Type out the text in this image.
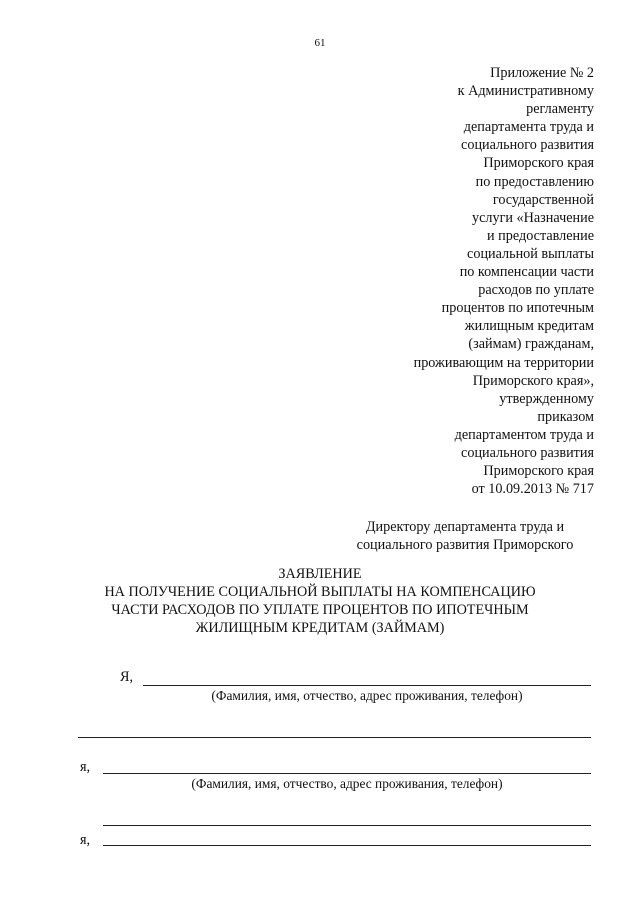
61
Приложение № 2
к Административному
регламенту
департамента труда и
социального развития
Приморского края
по предоставлению
государственной
услуги «Назначение
и предоставление
социальной выплаты
по компенсации части
расходов по уплате
процентов по ипотечным
жилищным кредитам
(займам) гражданам,
проживающим на территории
Приморского края»,
утвержденному
приказом
департаментом труда и
социального развития
Приморского края
от 10.09.2013 № 717
Директору департамента труда и
социального развития Приморского
ЗАЯВЛЕНИЕ
НА ПОЛУЧЕНИЕ СОЦИАЛЬНОЙ ВЫПЛАТЫ НА КОМПЕНСАЦИЮ
ЧАСТИ РАСХОДОВ ПО УПЛАТЕ ПРОЦЕНТОВ ПО ИПОТЕЧНЫМ
ЖИЛИЩНЫМ КРЕДИТАМ (ЗАЙМАМ)
Я,
(Фамилия, имя, отчество, адрес проживания, телефон)
я,
(Фамилия, имя, отчество, адрес проживания, телефон)
я,
